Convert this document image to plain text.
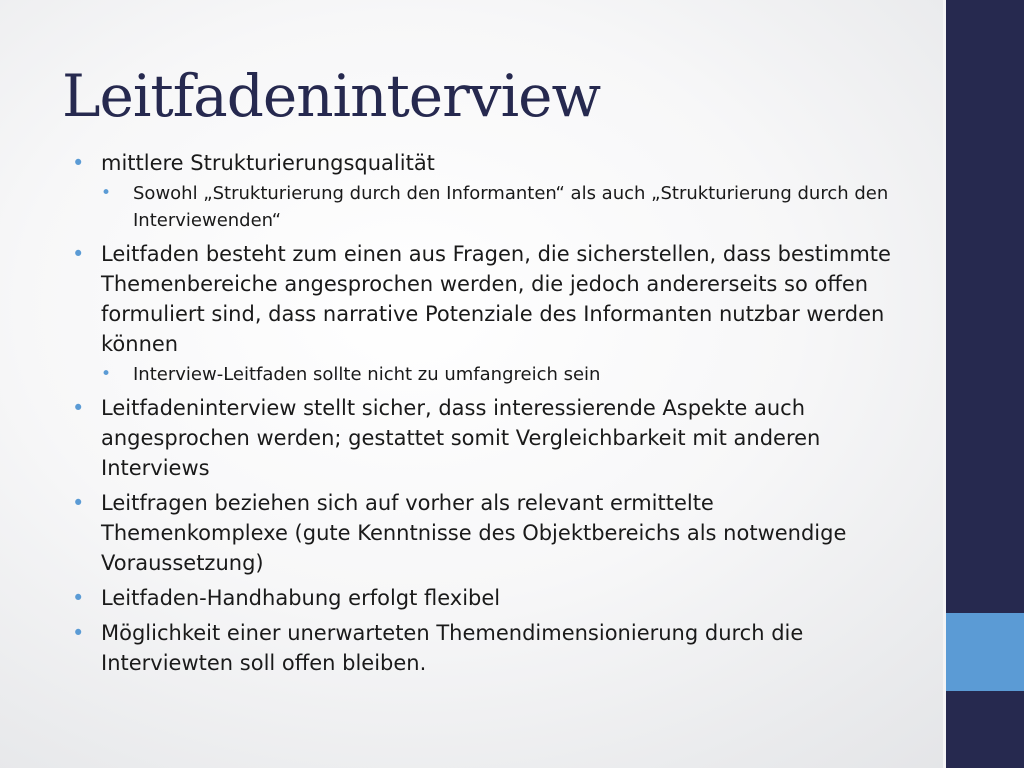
Leitfadeninterview
• mittlere Strukturierungsqualität
• Sowohl „Strukturierung durch den Informanten“ als auch „Strukturierung durch den Interviewenden“
• Leitfaden besteht zum einen aus Fragen, die sicherstellen, dass bestimmte Themenbereiche angesprochen werden, die jedoch andererseits so offen formuliert sind, dass narrative Potenziale des Informanten nutzbar werden können
• Interview-Leitfaden sollte nicht zu umfangreich sein
• Leitfadeninterview stellt sicher, dass interessierende Aspekte auch angesprochen werden; gestattet somit Vergleichbarkeit mit anderen Interviews
• Leitfragen beziehen sich auf vorher als relevant ermittelte Themenkomplexe (gute Kenntnisse des Objektbereichs als notwendige Voraussetzung)
• Leitfaden-Handhabung erfolgt flexibel
• Möglichkeit einer unerwarteten Themendimensionierung durch die Interviewten soll offen bleiben.
